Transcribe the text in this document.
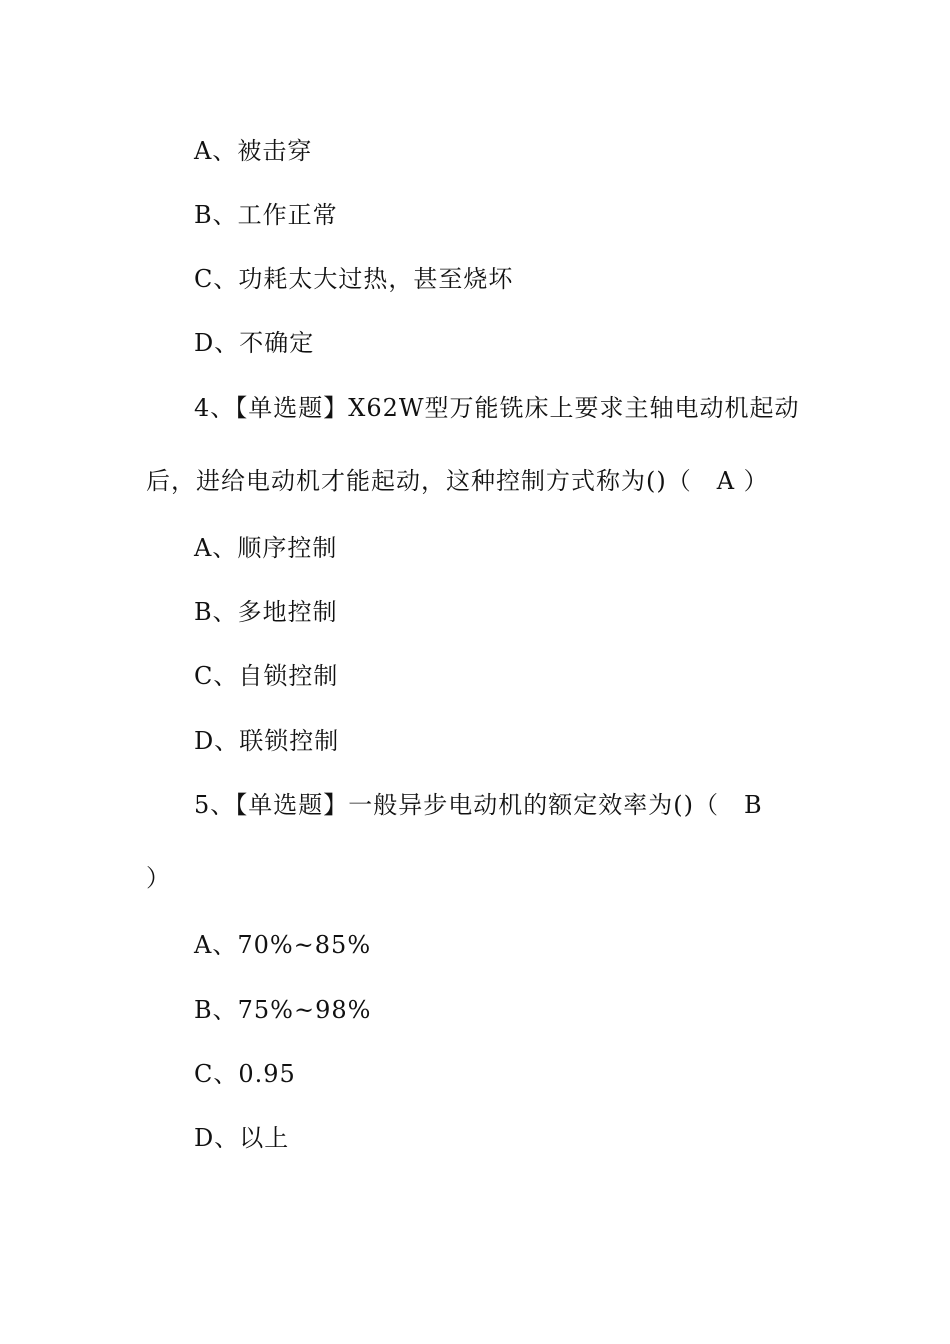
A、被击穿
B、工作正常
C、功耗太大过热，甚至烧坏
D、不确定
4、【单选题】X62W型万能铣床上要求主轴电动机起动
后，进给电动机才能起动，这种控制方式称为()（　A ）
A、顺序控制
B、多地控制
C、自锁控制
D、联锁控制
5、【单选题】一般异步电动机的额定效率为()（　B
）
A、70%~85%
B、75%~98%
C、0.95
D、以上
